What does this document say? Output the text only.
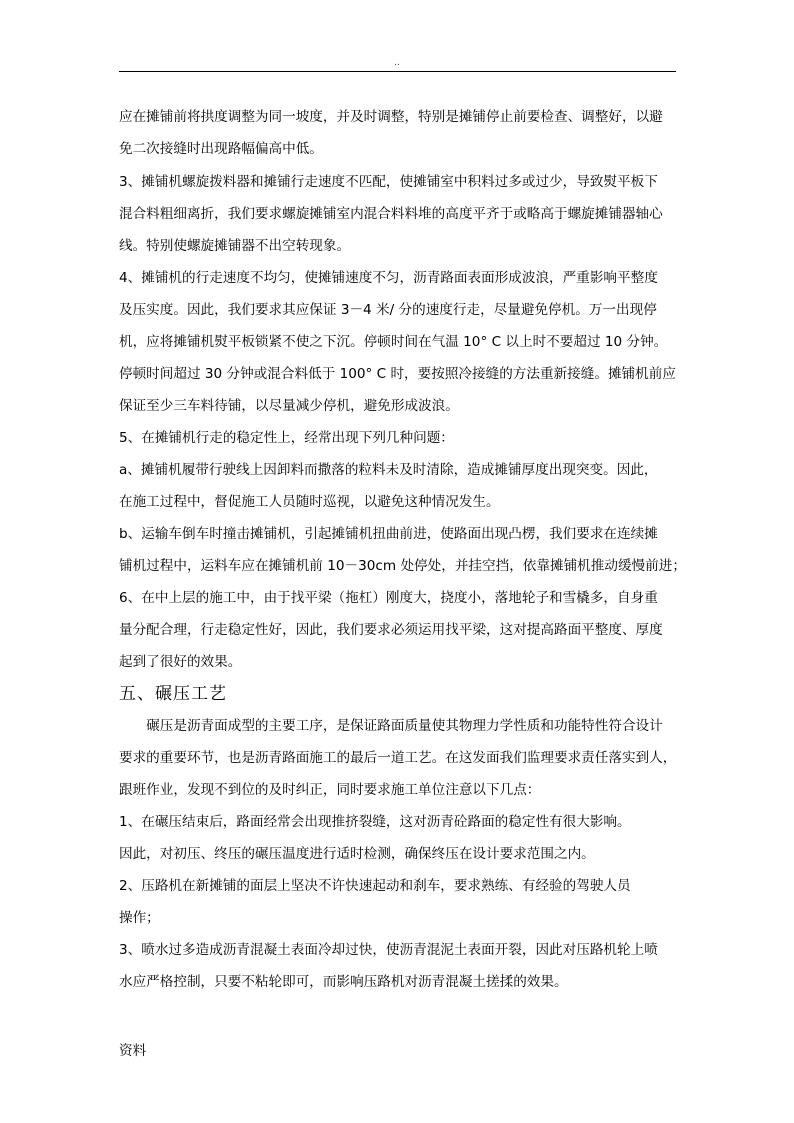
..
应在摊铺前将拱度调整为同一坡度，并及时调整，特别是摊铺停止前要检查、调整好，以避
免二次接缝时出现路幅偏高中低。
3、摊铺机螺旋拨料器和摊铺行走速度不匹配，使摊铺室中积料过多或过少，导致熨平板下
混合料粗细离折，我们要求螺旋摊铺室内混合料料堆的高度平齐于或略高于螺旋摊铺器轴心
线。特别使螺旋摊铺器不出空转现象。
4、摊铺机的行走速度不均匀，使摊铺速度不匀，沥青路面表面形成波浪，严重影响平整度
及压实度。因此，我们要求其应保证 3－4 米/ 分的速度行走，尽量避免停机。万一出现停
机，应将摊铺机熨平板锁紧不使之下沉。停顿时间在气温 10° C 以上时不要超过 10 分钟。
停顿时间超过 30 分钟或混合料低于 100° C 时，要按照冷接缝的方法重新接缝。摊铺机前应
保证至少三车料待铺，以尽量减少停机，避免形成波浪。
5、在摊铺机行走的稳定性上，经常出现下列几种问题：
a、摊铺机履带行驶线上因卸料而撒落的粒料未及时清除，造成摊铺厚度出现突变。因此，
在施工过程中，督促施工人员随时巡视，以避免这种情况发生。
b、运输车倒车时撞击摊铺机，引起摊铺机扭曲前进，使路面出现凸楞，我们要求在连续摊
铺机过程中，运料车应在摊铺机前 10－30cm 处停处，并挂空挡，依靠摊铺机推动缓慢前进；
6、在中上层的施工中，由于找平梁（拖杠）刚度大，挠度小，落地轮子和雪橇多，自身重
量分配合理，行走稳定性好，因此，我们要求必须运用找平梁，这对提高路面平整度、厚度
起到了很好的效果。
五、碾压工艺
　　碾压是沥青面成型的主要工序，是保证路面质量使其物理力学性质和功能特性符合设计
要求的重要环节，也是沥青路面施工的最后一道工艺。在这发面我们监理要求责任落实到人，
跟班作业，发现不到位的及时纠正，同时要求施工单位注意以下几点：
1、在碾压结束后，路面经常会出现推挤裂缝，这对沥青砼路面的稳定性有很大影响。
因此，对初压、终压的碾压温度进行适时检测，确保终压在设计要求范围之内。
2、压路机在新摊铺的面层上坚决不许快速起动和刹车，要求熟练、有经验的驾驶人员
操作；
3、喷水过多造成沥青混凝土表面冷却过快，使沥青混泥土表面开裂，因此对压路机轮上喷
水应严格控制，只要不粘轮即可，而影响压路机对沥青混凝土搓揉的效果。
资料
